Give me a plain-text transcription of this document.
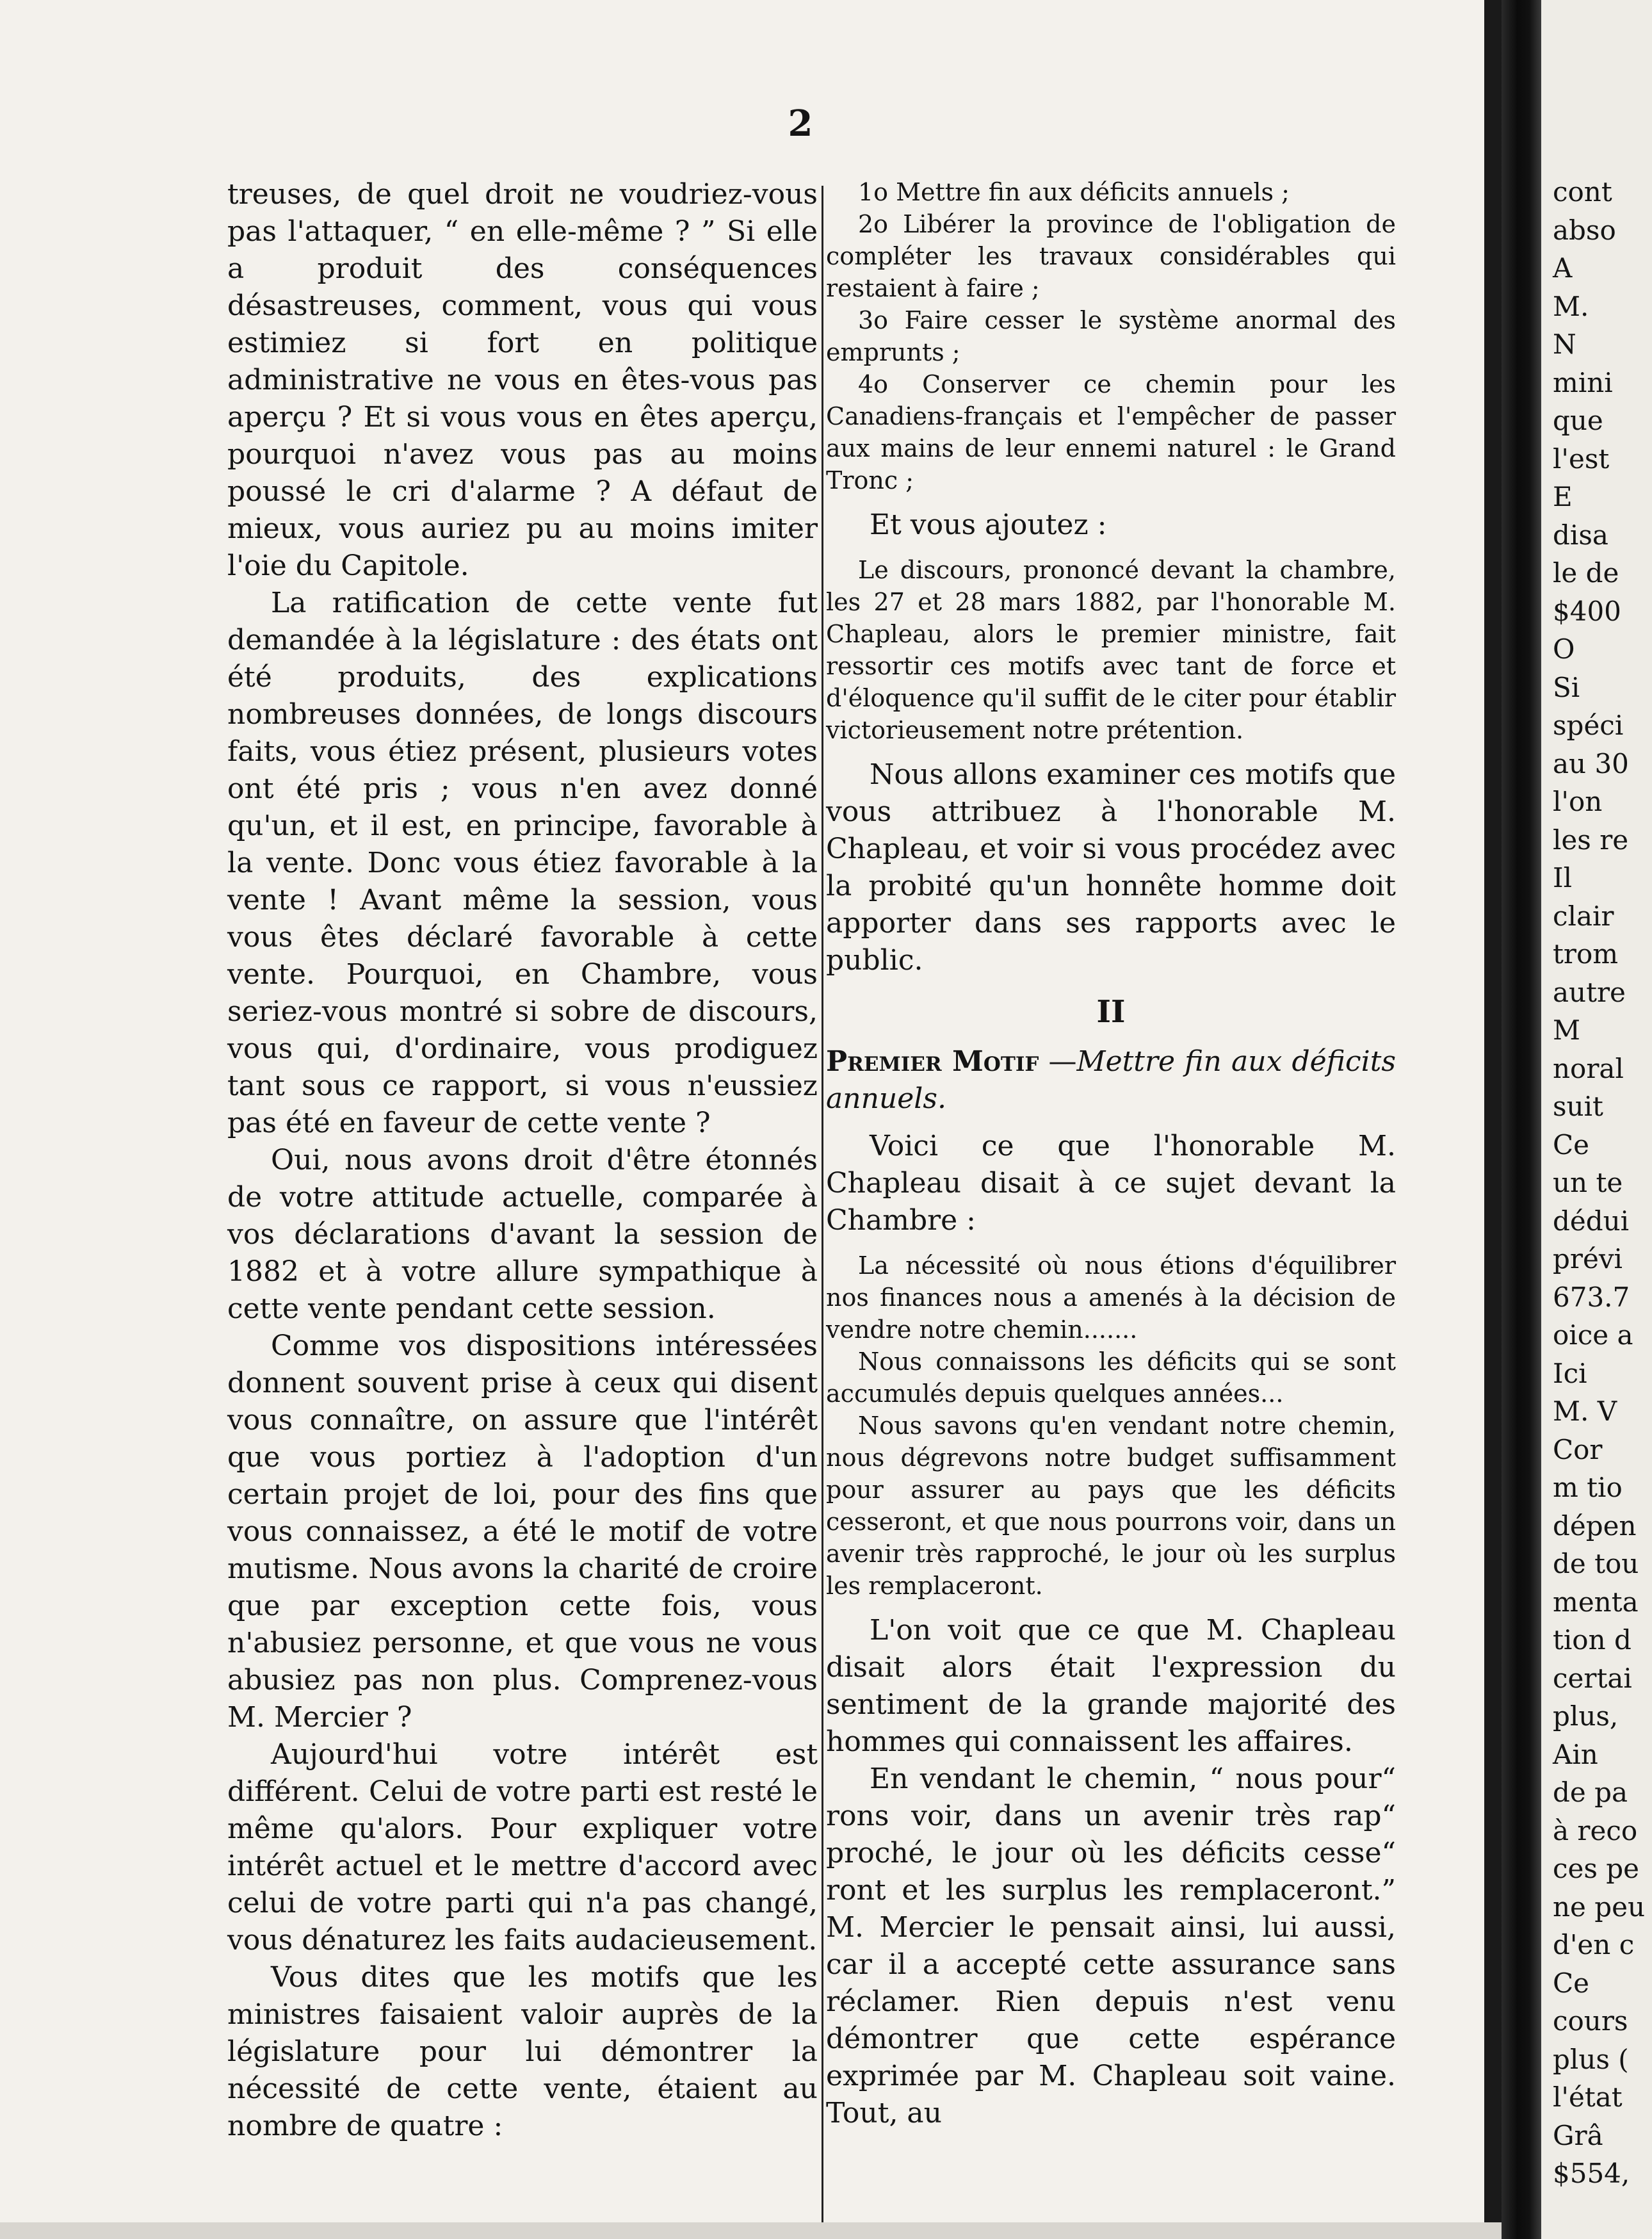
2

treuses, de quel droit ne voudriez-vous pas l'attaquer, “ en elle-même ? ” Si elle a produit des conséquences désastreuses, comment, vous qui vous estimiez si fort en politique administrative ne vous en êtes-vous pas aperçu ? Et si vous vous en êtes aperçu, pourquoi n'avez vous pas au moins poussé le cri d'alarme ? A défaut de mieux, vous auriez pu au moins imiter l'oie du Capitole.

La ratification de cette vente fut demandée à la législature : des états ont été produits, des explications nombreuses données, de longs discours faits, vous étiez présent, plusieurs votes ont été pris ; vous n'en avez donné qu'un, et il est, en principe, favorable à la vente. Donc vous étiez favorable à la vente ! Avant même la session, vous vous êtes déclaré favorable à cette vente. Pourquoi, en Chambre, vous seriez-vous montré si sobre de discours, vous qui, d'ordinaire, vous prodiguez tant sous ce rapport, si vous n'eussiez pas été en faveur de cette vente ?

Oui, nous avons droit d'être étonnés de votre attitude actuelle, comparée à vos déclarations d'avant la session de 1882 et à votre allure sympathique à cette vente pendant cette session.

Comme vos dispositions intéressées donnent souvent prise à ceux qui disent vous connaître, on assure que l'intérêt que vous portiez à l'adoption d'un certain projet de loi, pour des fins que vous connaissez, a été le motif de votre mutisme. Nous avons la charité de croire que par exception cette fois, vous n'abusiez personne, et que vous ne vous abusiez pas non plus. Comprenez-vous M. Mercier ?

Aujourd'hui votre intérêt est différent. Celui de votre parti est resté le même qu'alors. Pour expliquer votre intérêt actuel et le mettre d'accord avec celui de votre parti qui n'a pas changé, vous dénaturez les faits audacieusement.

Vous dites que les motifs que les ministres faisaient valoir auprès de la législature pour lui démontrer la nécessité de cette vente, étaient au nombre de quatre :

1o Mettre fin aux déficits annuels ;

2o Libérer la province de l'obligation de compléter les travaux considérables qui restaient à faire ;

3o Faire cesser le système anormal des emprunts ;

4o Conserver ce chemin pour les Canadiens-français et l'empêcher de passer aux mains de leur ennemi naturel : le Grand Tronc ;

Et vous ajoutez :

Le discours, prononcé devant la chambre, les 27 et 28 mars 1882, par l'honorable M. Chapleau, alors le premier ministre, fait ressortir ces motifs avec tant de force et d'éloquence qu'il suffit de le citer pour établir victorieusement notre prétention.

Nous allons examiner ces motifs que vous attribuez à l'honorable M. Chapleau, et voir si vous procédez avec la probité qu'un honnête homme doit apporter dans ses rapports avec le public.

II

Premier Motif —Mettre fin aux déficits annuels.

Voici ce que l'honorable M. Chapleau disait à ce sujet devant la Chambre :

La nécessité où nous étions d'équilibrer nos finances nous a amenés à la décision de vendre notre chemin.......

Nous connaissons les déficits qui se sont accumulés depuis quelques années...

Nous savons qu'en vendant notre chemin, nous dégrevons notre budget suffisamment pour assurer au pays que les déficits cesseront, et que nous pourrons voir, dans un avenir très rapproché, le jour où les surplus les remplaceront.

L'on voit que ce que M. Chapleau disait alors était l'expression du sentiment de la grande majorité des hommes qui connaissent les affaires.

En vendant le chemin, “ nous pour“ rons voir, dans un avenir très rap“ proché, le jour où les déficits cesse“ ront et les surplus les remplaceront.” M. Mercier le pensait ainsi, lui aussi, car il a accepté cette assurance sans réclamer. Rien depuis n'est venu démontrer que cette espérance exprimée par M. Chapleau soit vaine. Tout, au

cont
abso
A
M.
N
mini
que
l'est
E
disa
le de
$400
O
Si
spéci
au 30
l'on
les re
Il
clair
trom
autre
M
noral
suit
Ce
un te
dédui
prévi
673.7
oice a
Ici
M. V
Cor
m tio
dépen
de tou
menta
tion d
certai
plus,
Ain
de pa
à reco
ces pe
ne peu
d'en c
Ce
cours
plus (
l'état
Grâ
$554,
